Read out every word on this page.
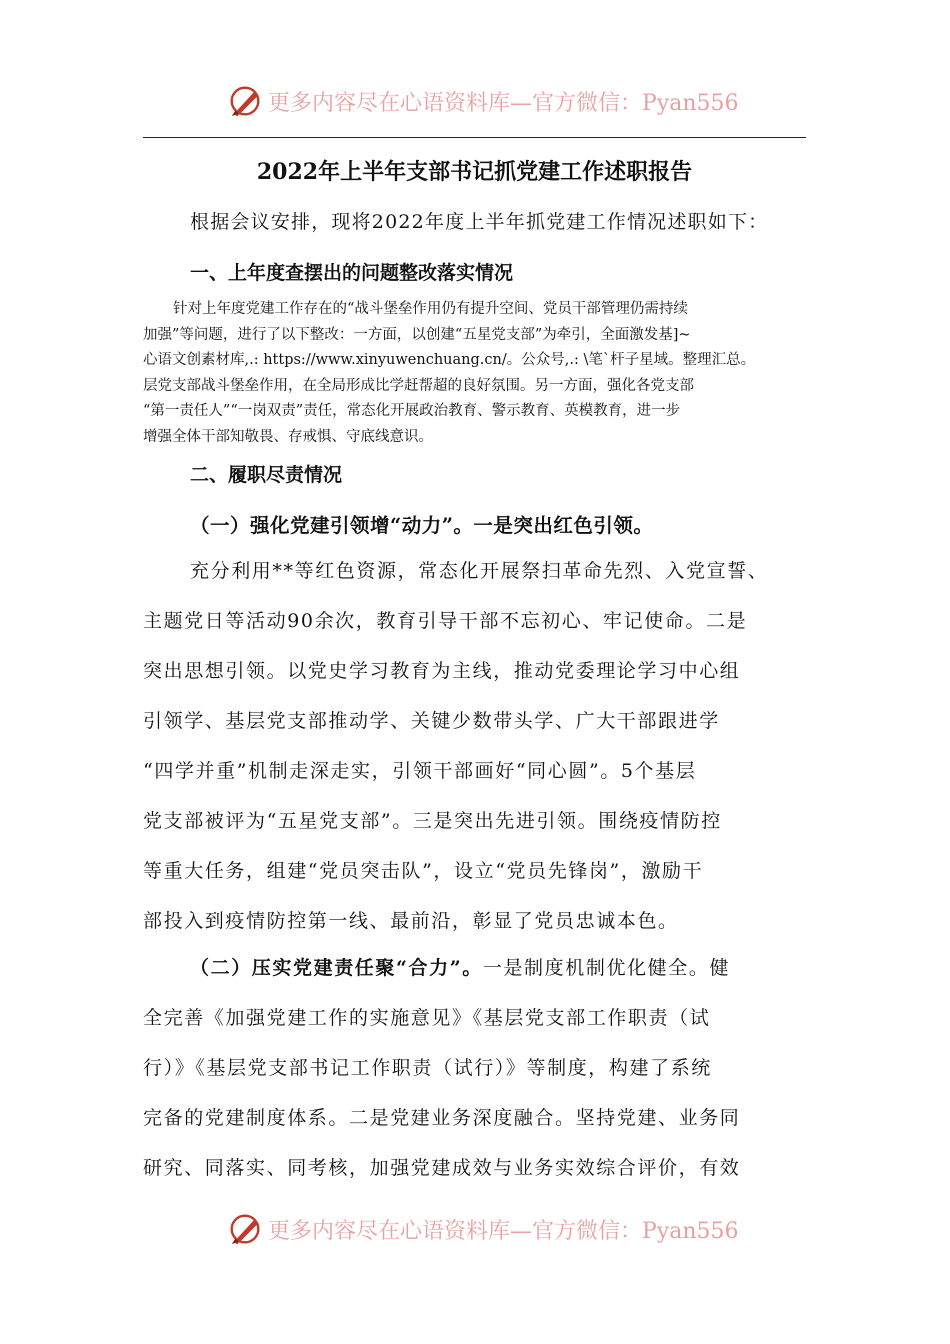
更多内容尽在心语资料库—官方微信：Pyan556
2022年上半年支部书记抓党建工作述职报告
根据会议安排，现将2022年度上半年抓党建工作情况述职如下：
一、上年度查摆出的问题整改落实情况

针对上年度党建工作存在的“战斗堡垒作用仍有提升空间、党员干部管理仍需持续

加强”等问题，进行了以下整改：一方面，以创建“五星党支部”为牵引，全面激发基]~

心语文创素材库,.: https://www.xinyuwenchuang.cn/。公众号,.: \笔`杆子星域。整理汇总。

层党支部战斗堡垒作用，在全局形成比学赶帮超的良好氛围。另一方面，强化各党支部

“第一责任人”“一岗双责”责任，常态化开展政治教育、警示教育、英模教育，进一步

增强全体干部知敬畏、存戒惧、守底线意识。

二、履职尽责情况
（一）强化党建引领增“动力”。一是突出红色引领。

充分利用**等红色资源，常态化开展祭扫革命先烈、入党宣誓、

主题党日等活动90余次，教育引导干部不忘初心、牢记使命。二是

突出思想引领。以党史学习教育为主线，推动党委理论学习中心组

引领学、基层党支部推动学、关键少数带头学、广大干部跟进学

“四学并重”机制走深走实，引领干部画好“同心圆”。5个基层

党支部被评为“五星党支部”。三是突出先进引领。围绕疫情防控

等重大任务，组建“党员突击队”，设立“党员先锋岗”，激励干

部投入到疫情防控第一线、最前沿，彰显了党员忠诚本色。

（二）压实党建责任聚“合力”。一是制度机制优化健全。健

全完善《加强党建工作的实施意见》《基层党支部工作职责（试

行）》《基层党支部书记工作职责（试行）》等制度，构建了系统

完备的党建制度体系。二是党建业务深度融合。坚持党建、业务同

研究、同落实、同考核，加强党建成效与业务实效综合评价，有效

更多内容尽在心语资料库—官方微信：Pyan556
